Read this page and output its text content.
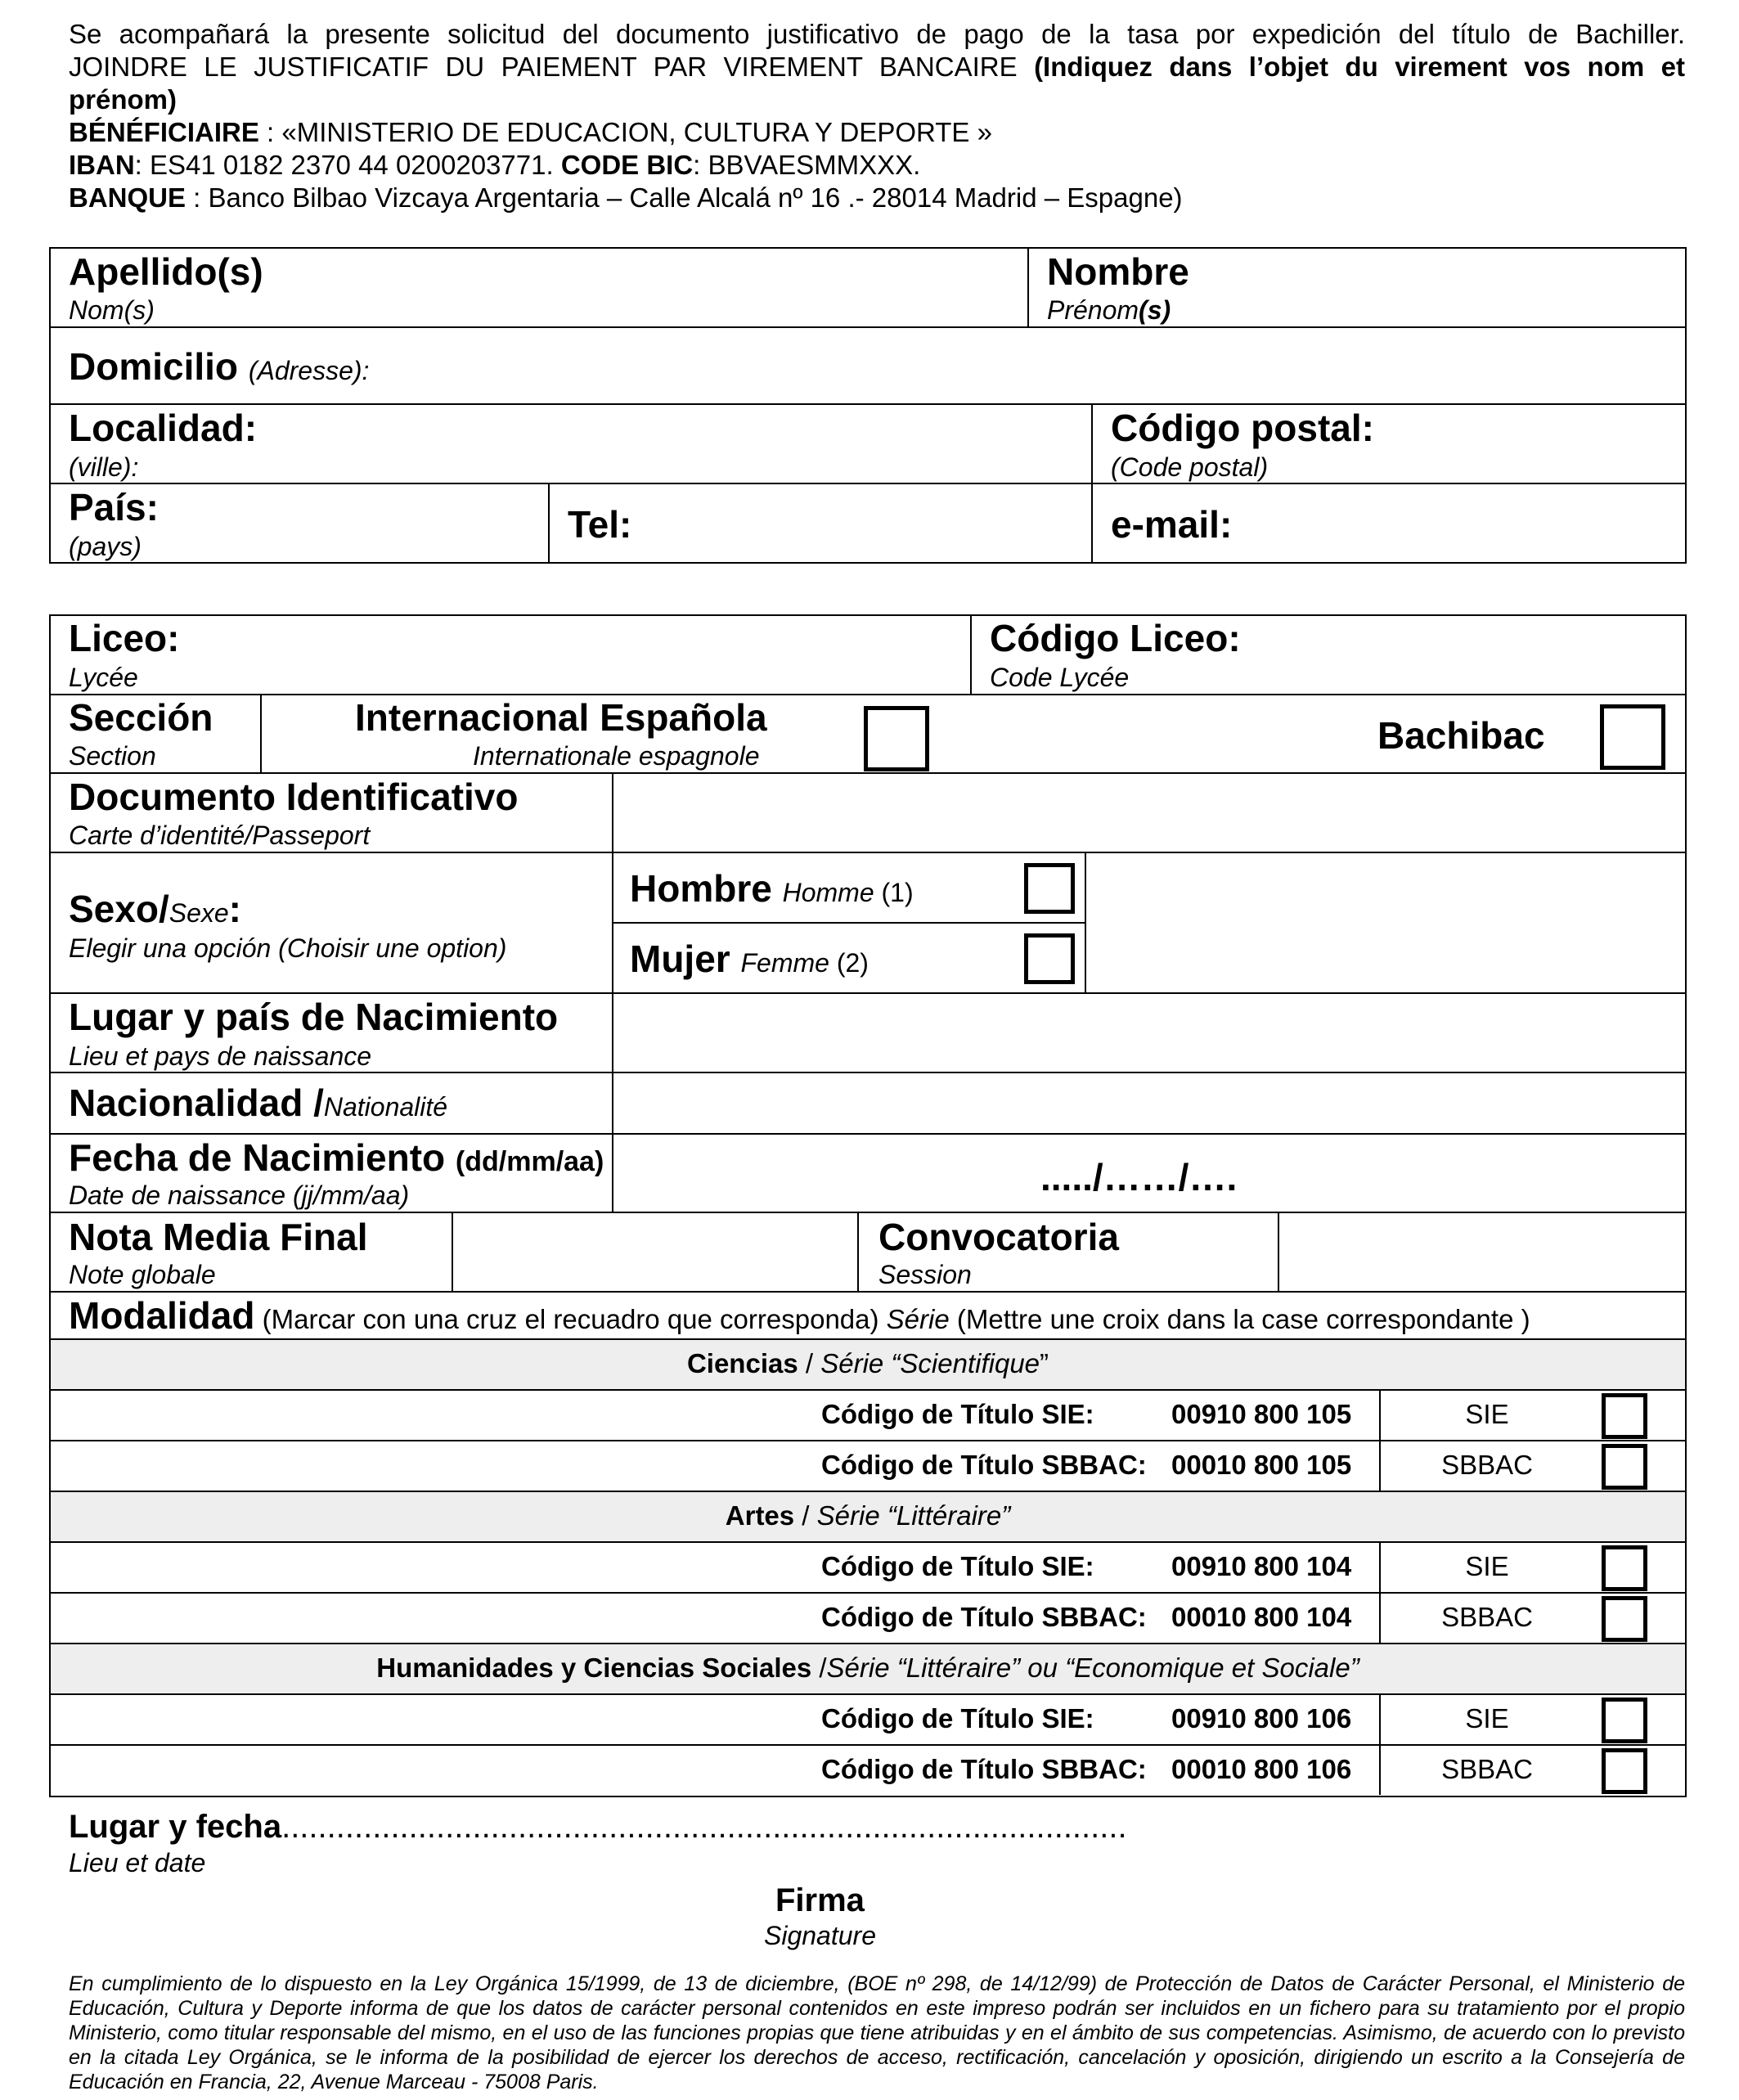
Se acompañará la presente solicitud del documento justificativo de pago de la tasa por expedición del título de Bachiller.
JOINDRE LE JUSTIFICATIF DU PAIEMENT PAR VIREMENT BANCAIRE (Indiquez dans l’objet du virement vos nom et
prénom)
BÉNÉFICIAIRE : «MINISTERIO DE EDUCACION, CULTURA Y DEPORTE »
IBAN: ES41 0182 2370 44 0200203771. CODE BIC: BBVAESMMXXX.
BANQUE : Banco Bilbao Vizcaya Argentaria – Calle Alcalá nº 16 .- 28014 Madrid – Espagne)
Apellido(s)
Nom(s)
Nombre
Prénom(s)
Domicilio (Adresse):
Localidad:
(ville):
Código postal:
(Code postal)
País:
(pays)
Tel:	e-mail:
Liceo:
Lycée
Código Liceo:
Code Lycée
Sección
Section
Internacional Española
Internationale espagnole	Bachibac
Documento Identificativo
Carte d’identité/Passeport
Sexo/Sexe:
Elegir una opción (Choisir une option)
Hombre Homme (1)
Mujer Femme (2)
Lugar y país de Nacimiento
Lieu et pays de naissance
Nacionalidad /Nationalité
Fecha de Nacimiento (dd/mm/aa)
Date de naissance (jj/mm/aa)	...../……/….
Nota Media Final
Note globale
Convocatoria
Session
Modalidad (Marcar con una cruz el recuadro que corresponda) Série (Mettre une croix dans la case correspondante )
Ciencias / Série “Scientifique”
Código de Título SIE:	00910 800 105	SIE
Código de Título SBBAC: 00010 800 105	SBBAC
Artes / Série “Littéraire”
Código de Título SIE:	00910 800 104	SIE
Código de Título SBBAC: 00010 800 104	SBBAC
Humanidades y Ciencias Sociales /Série “Littéraire” ou “Economique et Sociale”
Código de Título SIE:	00910 800 106	SIE
Código de Título SBBAC: 00010 800 106	SBBAC
Lugar y fecha.............................................................................................
Lieu et date
Firma
Signature
En cumplimiento de lo dispuesto en la Ley Orgánica 15/1999, de 13 de diciembre, (BOE nº 298, de 14/12/99) de Protección de Datos de Carácter Personal, el Ministerio de Educación, Cultura y Deporte informa de que los datos de carácter personal contenidos en este impreso podrán ser incluidos en un fichero para su tratamiento por el propio Ministerio, como titular responsable del mismo, en el uso de las funciones propias que tiene atribuidas y en el ámbito de sus competencias. Asimismo, de acuerdo con lo previsto en la citada Ley Orgánica, se le informa de la posibilidad de ejercer los derechos de acceso, rectificación, cancelación y oposición, dirigiendo un escrito a la Consejería de Educación en Francia, 22, Avenue Marceau - 75008 Paris.
